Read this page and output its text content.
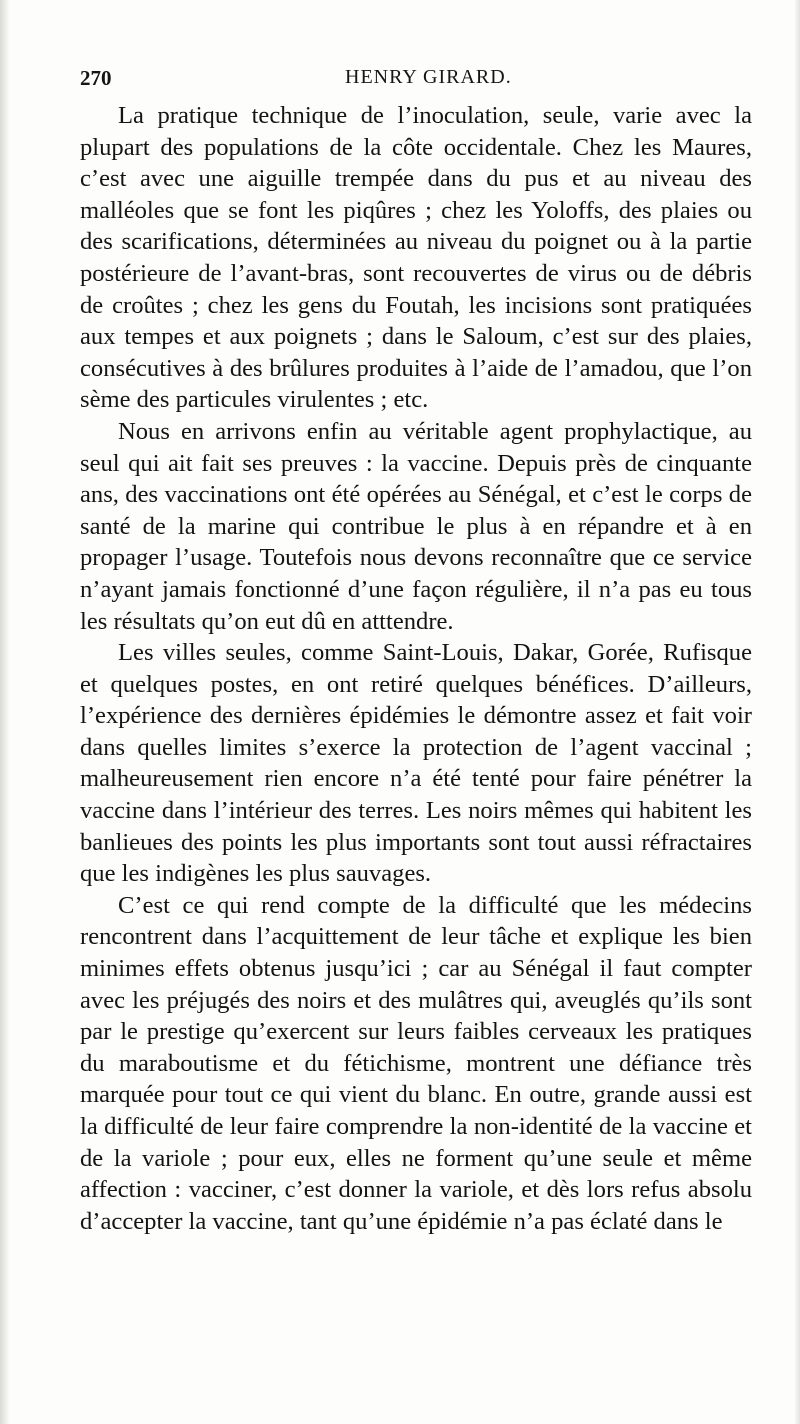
270	HENRY GIRARD.

La pratique technique de l’inoculation, seule, varie avec la plupart des populations de la côte occidentale. Chez les Maures, c’est avec une aiguille trempée dans du pus et au niveau des malléoles que se font les piqûres ; chez les Yoloffs, des plaies ou des scarifications, déterminées au niveau du poignet ou à la partie postérieure de l’avant-bras, sont recouvertes de virus ou de débris de croûtes ; chez les gens du Foutah, les incisions sont pratiquées aux tempes et aux poignets ; dans le Saloum, c’est sur des plaies, consécutives à des brûlures produites à l’aide de l’amadou, que l’on sème des particules virulentes ; etc.

Nous en arrivons enfin au véritable agent prophylactique, au seul qui ait fait ses preuves : la vaccine. Depuis près de cinquante ans, des vaccinations ont été opérées au Sénégal, et c’est le corps de santé de la marine qui contribue le plus à en répandre et à en propager l’usage. Toutefois nous devons reconnaître que ce service n’ayant jamais fonctionné d’une façon régulière, il n’a pas eu tous les résultats qu’on eut dû en atttendre.

Les villes seules, comme Saint-Louis, Dakar, Gorée, Rufisque et quelques postes, en ont retiré quelques bénéfices. D’ailleurs, l’expérience des dernières épidémies le démontre assez et fait voir dans quelles limites s’exerce la protection de l’agent vaccinal ; malheureusement rien encore n’a été tenté pour faire pénétrer la vaccine dans l’intérieur des terres. Les noirs mêmes qui habitent les banlieues des points les plus importants sont tout aussi réfractaires que les indigènes les plus sauvages.

C’est ce qui rend compte de la difficulté que les médecins rencontrent dans l’acquittement de leur tâche et explique les bien minimes effets obtenus jusqu’ici ; car au Sénégal il faut compter avec les préjugés des noirs et des mulâtres qui, aveuglés qu’ils sont par le prestige qu’exercent sur leurs faibles cerveaux les pratiques du maraboutisme et du fétichisme, montrent une défiance très marquée pour tout ce qui vient du blanc. En outre, grande aussi est la difficulté de leur faire comprendre la non-identité de la vaccine et de la variole ; pour eux, elles ne forment qu’une seule et même affection : vacciner, c’est donner la variole, et dès lors refus absolu d’accepter la vaccine, tant qu’une épidémie n’a pas éclaté dans le
